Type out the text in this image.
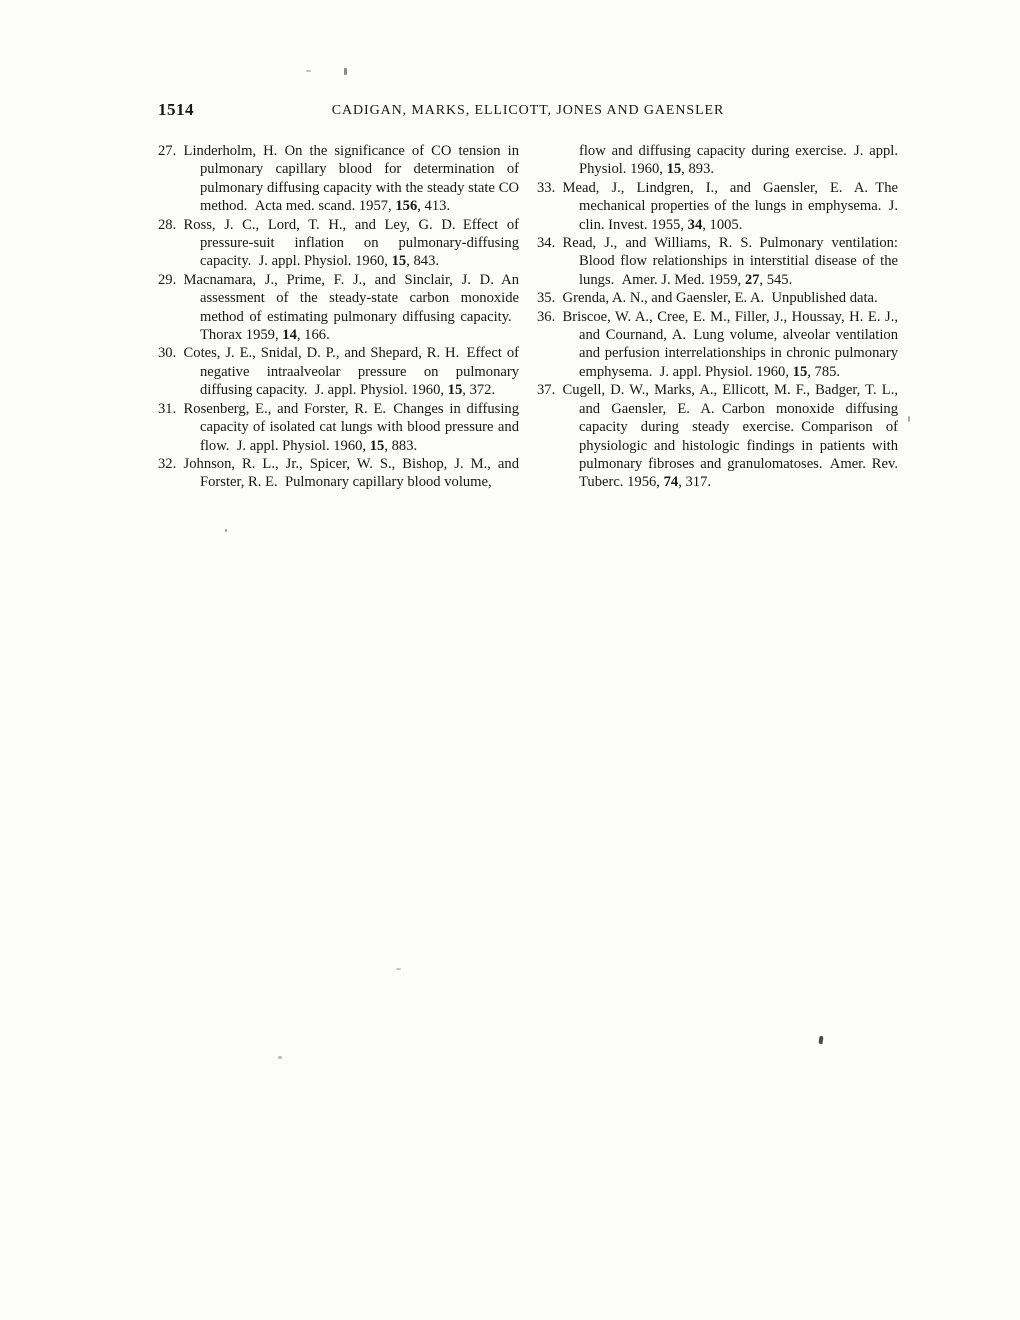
1514	CADIGAN, MARKS, ELLICOTT, JONES AND GAENSLER
27. Linderholm, H. On the significance of CO tension in pulmonary capillary blood for determination of pulmonary diffusing capacity with the steady state CO method. Acta med. scand. 1957, 156, 413.
28. Ross, J. C., Lord, T. H., and Ley, G. D. Effect of pressure-suit inflation on pulmonary-diffusing capacity. J. appl. Physiol. 1960, 15, 843.
29. Macnamara, J., Prime, F. J., and Sinclair, J. D. An assessment of the steady-state carbon monoxide method of estimating pulmonary diffusing capacity. Thorax 1959, 14, 166.
30. Cotes, J. E., Snidal, D. P., and Shepard, R. H. Effect of negative intraalveolar pressure on pulmonary diffusing capacity. J. appl. Physiol. 1960, 15, 372.
31. Rosenberg, E., and Forster, R. E. Changes in diffusing capacity of isolated cat lungs with blood pressure and flow. J. appl. Physiol. 1960, 15, 883.
32. Johnson, R. L., Jr., Spicer, W. S., Bishop, J. M., and Forster, R. E. Pulmonary capillary blood volume,
flow and diffusing capacity during exercise. J. appl. Physiol. 1960, 15, 893.
33. Mead, J., Lindgren, I., and Gaensler, E. A. The mechanical properties of the lungs in emphysema. J. clin. Invest. 1955, 34, 1005.
34. Read, J., and Williams, R. S. Pulmonary ventilation: Blood flow relationships in interstitial disease of the lungs. Amer. J. Med. 1959, 27, 545.
35. Grenda, A. N., and Gaensler, E. A. Unpublished data.
36. Briscoe, W. A., Cree, E. M., Filler, J., Houssay, H. E. J., and Cournand, A. Lung volume, alveolar ventilation and perfusion interrelationships in chronic pulmonary emphysema. J. appl. Physiol. 1960, 15, 785.
37. Cugell, D. W., Marks, A., Ellicott, M. F., Badger, T. L., and Gaensler, E. A. Carbon monoxide diffusing capacity during steady exercise. Comparison of physiologic and histologic findings in patients with pulmonary fibroses and granulomatoses. Amer. Rev. Tuberc. 1956, 74, 317.
